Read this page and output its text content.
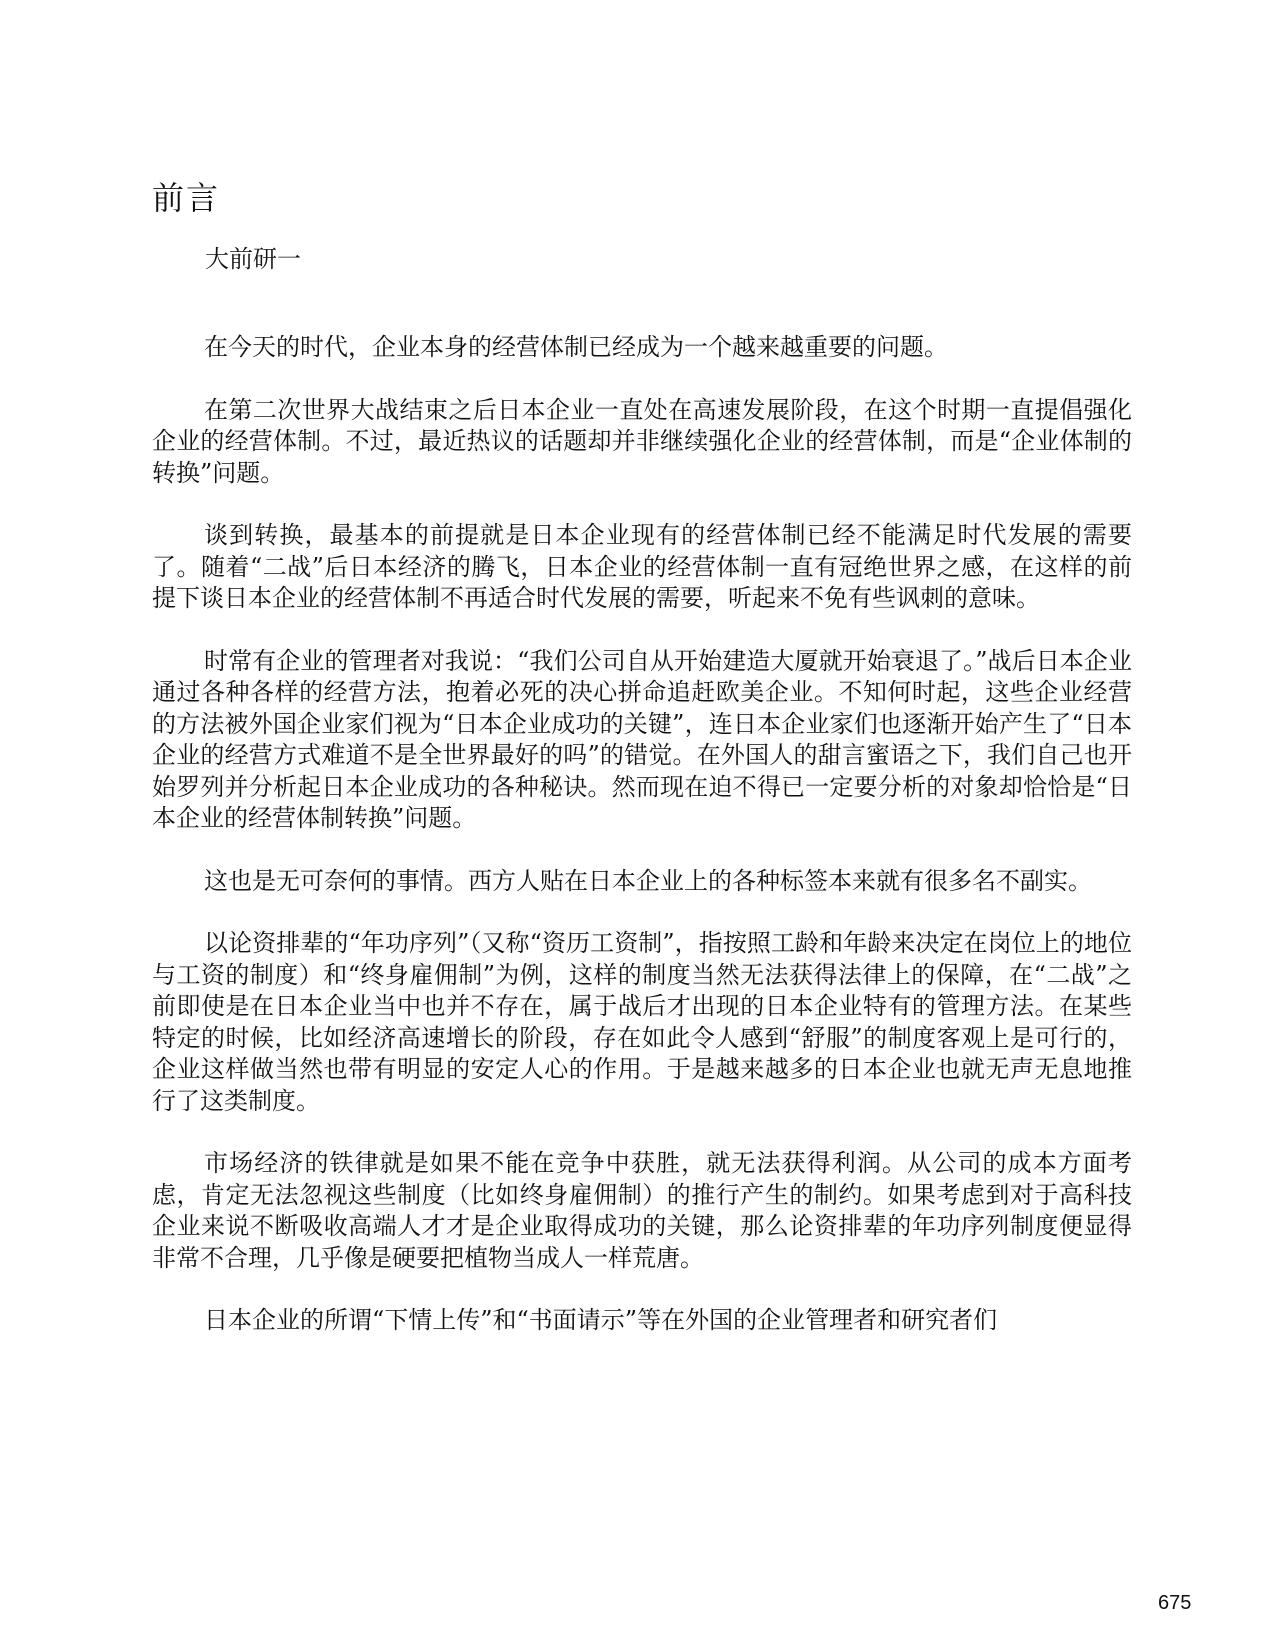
前言
大前研一

在今天的时代，企业本身的经营体制已经成为一个越来越重要的问题。

在第二次世界大战结束之后日本企业一直处在高速发展阶段，在这个时期一直提倡强化企业的经营体制。不过，最近热议的话题却并非继续强化企业的经营体制，而是“企业体制的转换”问题。

谈到转换，最基本的前提就是日本企业现有的经营体制已经不能满足时代发展的需要了。随着“二战”后日本经济的腾飞，日本企业的经营体制一直有冠绝世界之感，在这样的前提下谈日本企业的经营体制不再适合时代发展的需要，听起来不免有些讽刺的意味。

时常有企业的管理者对我说：“我们公司自从开始建造大厦就开始衰退了。”战后日本企业通过各种各样的经营方法，抱着必死的决心拼命追赶欧美企业。不知何时起，这些企业经营的方法被外国企业家们视为“日本企业成功的关键”，连日本企业家们也逐渐开始产生了“日本企业的经营方式难道不是全世界最好的吗”的错觉。在外国人的甜言蜜语之下，我们自己也开始罗列并分析起日本企业成功的各种秘诀。然而现在迫不得已一定要分析的对象却恰恰是“日本企业的经营体制转换”问题。

这也是无可奈何的事情。西方人贴在日本企业上的各种标签本来就有很多名不副实。

以论资排辈的“年功序列”（又称“资历工资制”，指按照工龄和年龄来决定在岗位上的地位与工资的制度）和“终身雇佣制”为例，这样的制度当然无法获得法律上的保障，在“二战”之前即使是在日本企业当中也并不存在，属于战后才出现的日本企业特有的管理方法。在某些特定的时候，比如经济高速增长的阶段，存在如此令人感到“舒服”的制度客观上是可行的，企业这样做当然也带有明显的安定人心的作用。于是越来越多的日本企业也就无声无息地推行了这类制度。

市场经济的铁律就是如果不能在竞争中获胜，就无法获得利润。从公司的成本方面考虑，肯定无法忽视这些制度（比如终身雇佣制）的推行产生的制约。如果考虑到对于高科技企业来说不断吸收高端人才才是企业取得成功的关键，那么论资排辈的年功序列制度便显得非常不合理，几乎像是硬要把植物当成人一样荒唐。

日本企业的所谓“下情上传”和“书面请示”等在外国的企业管理者和研究者们

675
